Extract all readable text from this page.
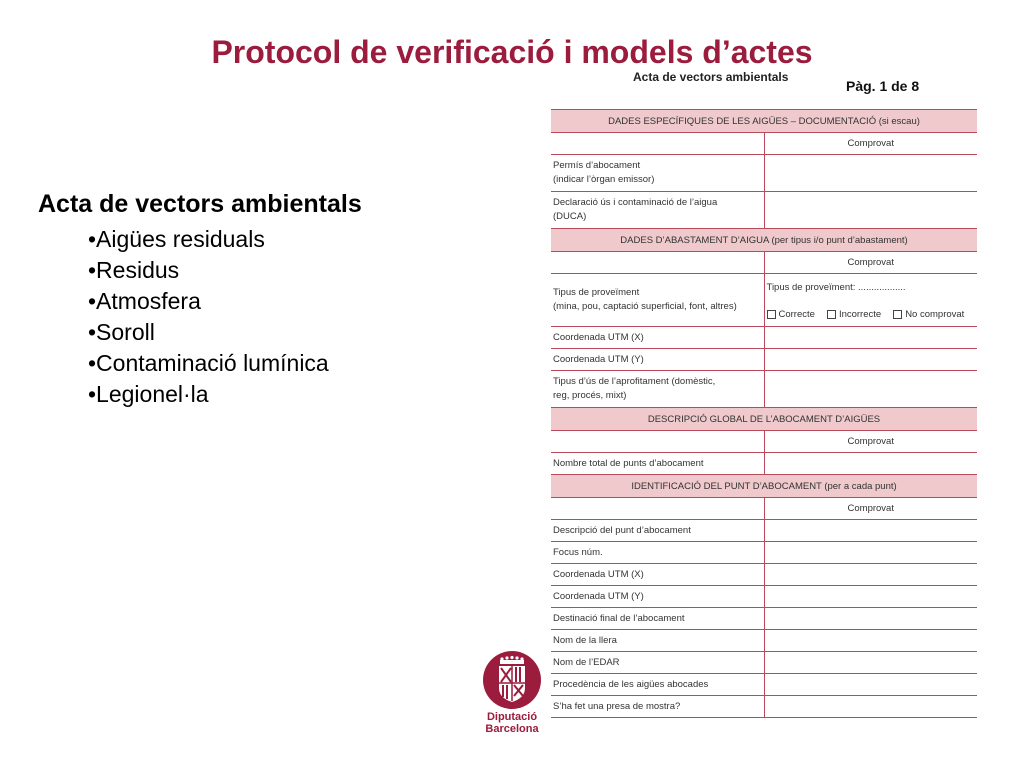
Protocol de verificació i models d’actes
Acta de vectors ambientals
Pàg. 1 de 8
Acta de vectors ambientals
•Aigües residuals
•Residus
•Atmosfera
•Soroll
•Contaminació lumínica
•Legionel·la
DADES ESPECÍFIQUES DE LES AIGÜES – DOCUMENTACIÓ (si escau)	
	Comprovat

Permís d’abocament
(indicar l’òrgan emissor)	

Declaració ús i contaminació de l’aigua
(DUCA)	

DADES D’ABASTAMENT D’AIGUA (per tipus i/o punt d’abastament)	
	Comprovat

Tipus de proveïment
(mina, pou, captació superficial, font, altres)	Tipus de proveïment: ..................
Correcte Incorrecte No comprovat

Coordenada UTM (X)	
Coordenada UTM (Y)	

Tipus d’ús de l’aprofitament (domèstic,
reg, procés, mixt)	

DESCRIPCIÓ GLOBAL DE L’ABOCAMENT D’AIGÜES	
	Comprovat
Nombre total de punts d’abocament	
IDENTIFICACIÓ DEL PUNT D’ABOCAMENT (per a cada punt)	
	Comprovat
Descripció del punt d’abocament	
Focus núm.	
Coordenada UTM (X)	
Coordenada UTM (Y)	
Destinació final de l’abocament	
Nom de la llera	
Nom de l’EDAR	
Procedència de les aigües abocades	
S’ha fet una presa de mostra?	
Diputació
Barcelona
